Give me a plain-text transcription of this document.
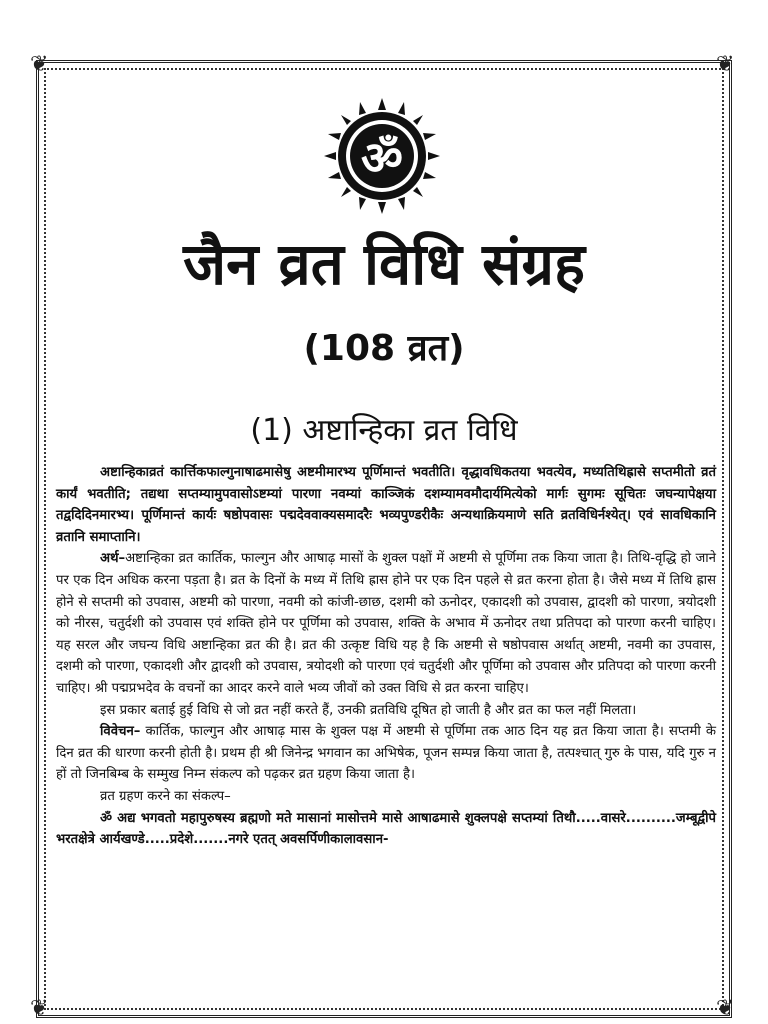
❦	❦
❦	❦
ॐ
जैन व्रत विधि संग्रह
(108 व्रत)
(1) अष्टान्हिका व्रत विधि

अष्टान्हिकाव्रतं कार्त्तिकफाल्गुनाषाढमासेषु अष्टमीमारभ्य पूर्णिमान्तं भवतीति। वृद्धावधिकतया भवत्येव, मध्यतिथिह्रासे सप्तमीतो व्रतं कार्यं भवतीति; तद्यथा सप्तम्यामुपवासोऽष्टम्यां पारणा नवम्यां काञ्जिकं दशम्यामवमौदार्यमित्येको मार्गः सुगमः सूचितः जघन्यापेक्षया तद्वदिदिनमारभ्य। पूर्णिमान्तं कार्यः षष्ठोपवासः पद्मदेववाक्यसमादरैः भव्यपुण्डरीकैः अन्यथाक्रियमाणे सति व्रतविधिर्नश्येत्। एवं सावधिकानि व्रतानि समाप्तानि।

अर्थ–अष्टान्हिका व्रत कार्तिक, फाल्गुन और आषाढ़ मासों के शुक्ल पक्षों में अष्टमी से पूर्णिमा तक किया जाता है। तिथि-वृद्धि हो जाने पर एक दिन अधिक करना पड़ता है। व्रत के दिनों के मध्य में तिथि ह्रास होने पर एक दिन पहले से व्रत करना होता है। जैसे मध्य में तिथि ह्रास होने से सप्तमी को उपवास, अष्टमी को पारणा, नवमी को कांजी-छाछ, दशमी को ऊनोदर, एकादशी को उपवास, द्वादशी को पारणा, त्रयोदशी को नीरस, चतुर्दशी को उपवास एवं शक्ति होने पर पूर्णिमा को उपवास, शक्ति के अभाव में ऊनोदर तथा प्रतिपदा को पारणा करनी चाहिए। यह सरल और जघन्य विधि अष्टान्हिका व्रत की है। व्रत की उत्कृष्ट विधि यह है कि अष्टमी से षष्ठोपवास अर्थात् अष्टमी, नवमी का उपवास, दशमी को पारणा, एकादशी और द्वादशी को उपवास, त्रयोदशी को पारणा एवं चतुर्दशी और पूर्णिमा को उपवास और प्रतिपदा को पारणा करनी चाहिए। श्री पद्मप्रभदेव के वचनों का आदर करने वाले भव्य जीवों को उक्त विधि से व्रत करना चाहिए।

इस प्रकार बताई हुई विधि से जो व्रत नहीं करते हैं, उनकी व्रतविधि दूषित हो जाती है और व्रत का फल नहीं मिलता।

विवेचन– कार्तिक, फाल्गुन और आषाढ़ मास के शुक्ल पक्ष में अष्टमी से पूर्णिमा तक आठ दिन यह व्रत किया जाता है। सप्तमी के दिन व्रत की धारणा करनी होती है। प्रथम ही श्री जिनेन्द्र भगवान का अभिषेक, पूजन सम्पन्न किया जाता है, तत्पश्चात् गुरु के पास, यदि गुरु न हों तो जिनबिम्ब के सम्मुख निम्न संकल्प को पढ़कर व्रत ग्रहण किया जाता है।

व्रत ग्रहण करने का संकल्प–

ॐ अद्य भगवतो महापुरुषस्य ब्रह्मणो मते मासानां मासोत्तमे मासे आषाढमासे शुक्लपक्षे सप्तम्यां तिथौ.....वासरे..........जम्बूद्वीपे भरतक्षेत्रे आर्यखण्डे.....प्रदेशे.......नगरे एतत् अवसर्पिणीकालावसान-
